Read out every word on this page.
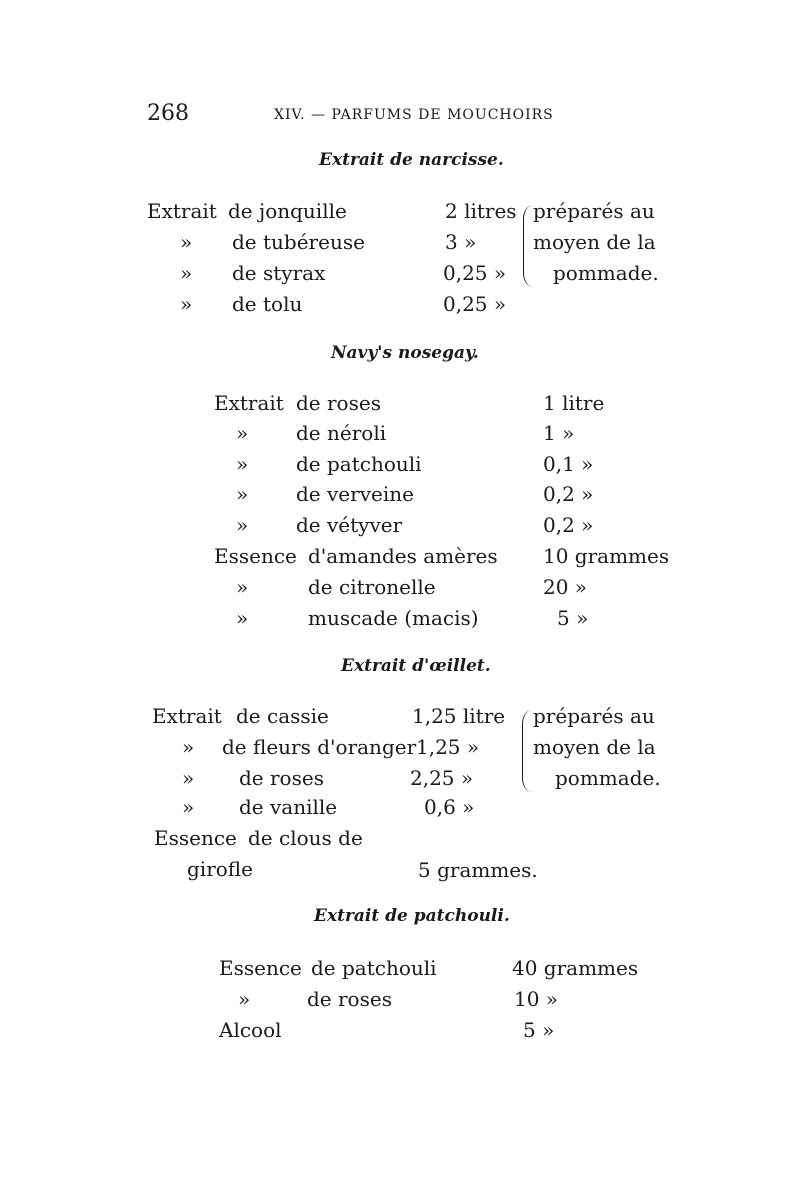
268	XIV. — PARFUMS DE MOUCHOIRS
Extrait de narcisse.
Extrait de jonquille	2 litres
» de tubéreuse	3 »
» de styrax	0,25 »
» de tolu	0,25 »
préparés au
moyen de la
pommade.
Navy's nosegay.
Extrait de roses	1 litre
» de néroli	1 »
» de patchouli	0,1 »
» de verveine	0,2 »
» de vétyver	0,2 »
Essence d'amandes amères 10 grammes
»	de citronelle	20 »
»	muscade (macis)	5 »
Extrait d'œillet.
Extrait de cassie	1,25 litre
» de fleurs d'oranger 1,25 »
» de roses	2,25 »
» de vanille	0,6 »
Essence de clous de
girofle	5 grammes.
préparés au
moyen de la
pommade.
Extrait de patchouli.
Essence de patchouli	40 grammes
»	de roses	10 »
Alcool	5 »
